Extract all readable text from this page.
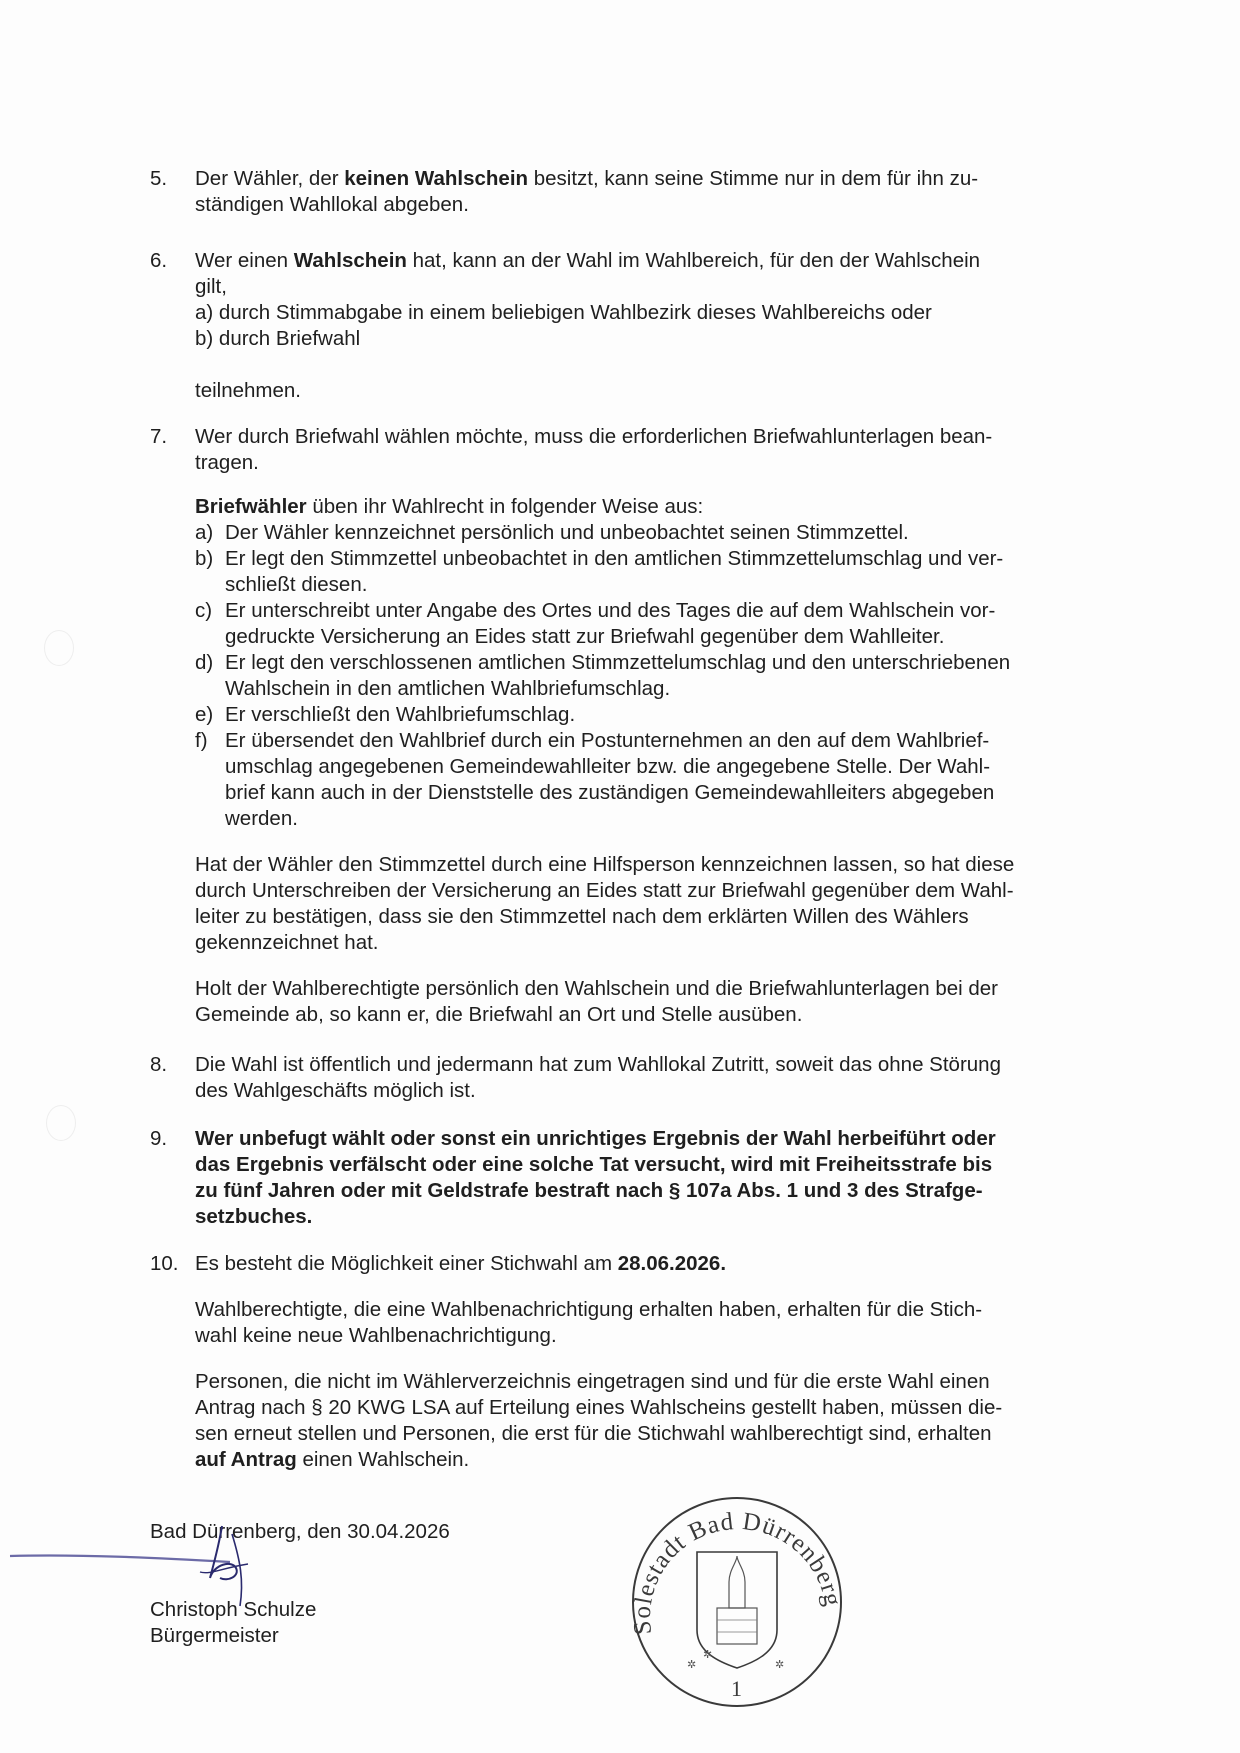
5.	Der Wähler, der keinen Wahlschein besitzt, kann seine Stimme nur in dem für ihn zu-

ständigen Wahllokal abgeben.

6.	Wer einen Wahlschein hat, kann an der Wahl im Wahlbereich, für den der Wahlschein

gilt,

a) durch Stimmabgabe in einem beliebigen Wahlbezirk dieses Wahlbereichs oder

b) durch Briefwahl

teilnehmen.

7.	Wer durch Briefwahl wählen möchte, muss die erforderlichen Briefwahlunterlagen bean-

tragen.

Briefwähler üben ihr Wahlrecht in folgender Weise aus:

a) Der Wähler kennzeichnet persönlich und unbeobachtet seinen Stimmzettel.

b) Er legt den Stimmzettel unbeobachtet in den amtlichen Stimmzettelumschlag und ver-

schließt diesen.

c) Er unterschreibt unter Angabe des Ortes und des Tages die auf dem Wahlschein vor-

gedruckte Versicherung an Eides statt zur Briefwahl gegenüber dem Wahlleiter.

d) Er legt den verschlossenen amtlichen Stimmzettelumschlag und den unterschriebenen

Wahlschein in den amtlichen Wahlbriefumschlag.

e) Er verschließt den Wahlbriefumschlag.

f) Er übersendet den Wahlbrief durch ein Postunternehmen an den auf dem Wahlbrief-

umschlag angegebenen Gemeindewahlleiter bzw. die angegebene Stelle. Der Wahl-

brief kann auch in der Dienststelle des zuständigen Gemeindewahlleiters abgegeben

werden.

Hat der Wähler den Stimmzettel durch eine Hilfsperson kennzeichnen lassen, so hat diese

durch Unterschreiben der Versicherung an Eides statt zur Briefwahl gegenüber dem Wahl-

leiter zu bestätigen, dass sie den Stimmzettel nach dem erklärten Willen des Wählers

gekennzeichnet hat.

Holt der Wahlberechtigte persönlich den Wahlschein und die Briefwahlunterlagen bei der

Gemeinde ab, so kann er, die Briefwahl an Ort und Stelle ausüben.

8.	Die Wahl ist öffentlich und jedermann hat zum Wahllokal Zutritt, soweit das ohne Störung

des Wahlgeschäfts möglich ist.

9.	Wer unbefugt wählt oder sonst ein unrichtiges Ergebnis der Wahl herbeiführt oder

das Ergebnis verfälscht oder eine solche Tat versucht, wird mit Freiheitsstrafe bis

zu fünf Jahren oder mit Geldstrafe bestraft nach § 107a Abs. 1 und 3 des Strafge-

setzbuches.

10. Es besteht die Möglichkeit einer Stichwahl am 28.06.2026.

Wahlberechtigte, die eine Wahlbenachrichtigung erhalten haben, erhalten für die Stich-

wahl keine neue Wahlbenachrichtigung.

Personen, die nicht im Wählerverzeichnis eingetragen sind und für die erste Wahl einen

Antrag nach § 20 KWG LSA auf Erteilung eines Wahlscheins gestellt haben, müssen die-

sen erneut stellen und Personen, die erst für die Stichwahl wahlberechtigt sind, erhalten

auf Antrag einen Wahlschein.

Bad Dürrenberg, den 30.04.2026

Christoph Schulze

Bürgermeister	Solestadt Bad Dürrenberg
✲
✲	✲
1
